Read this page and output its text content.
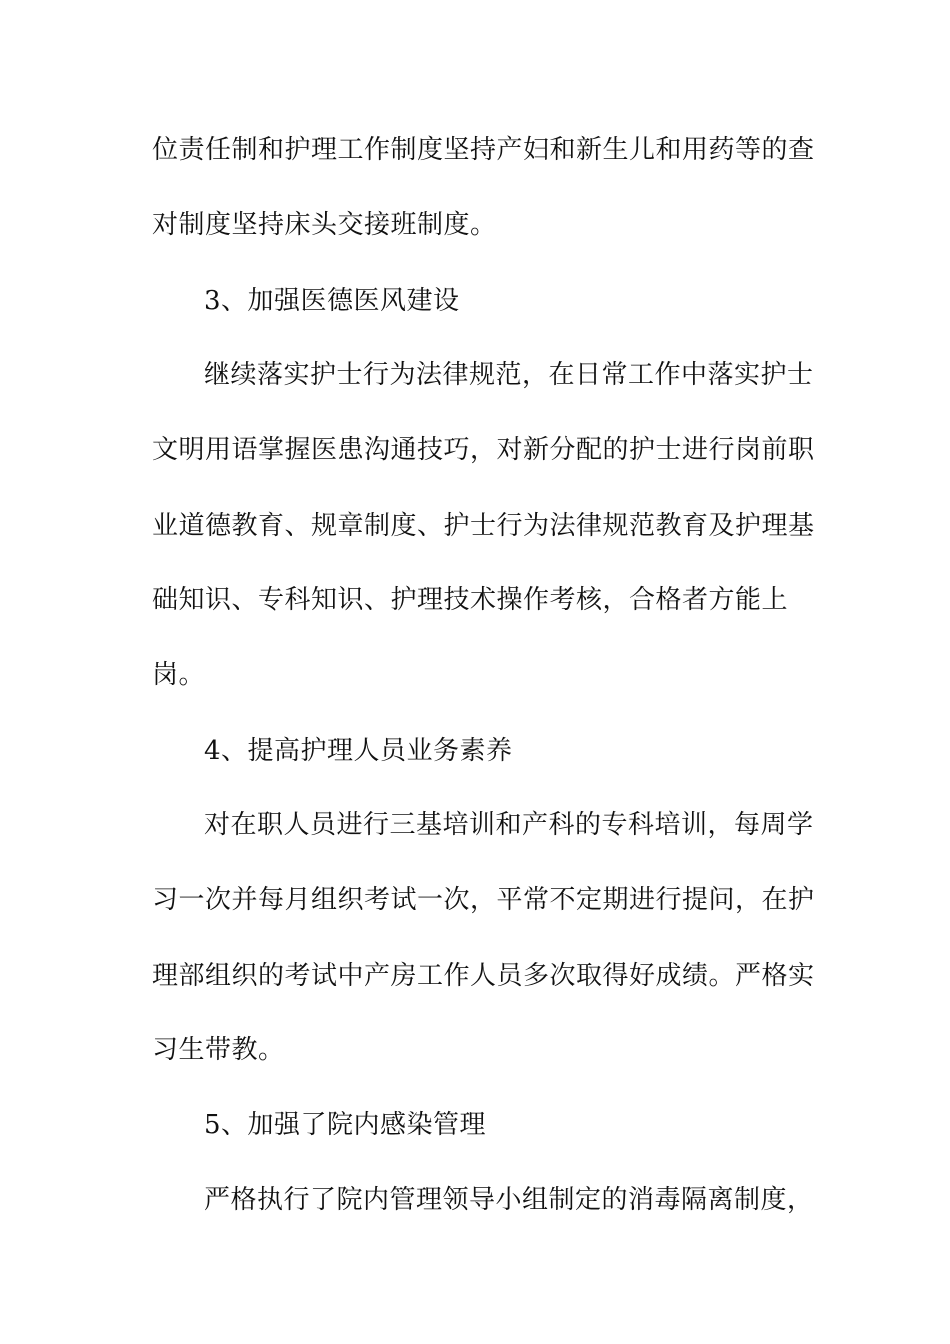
位责任制和护理工作制度坚持产妇和新生儿和用药等的查
对制度坚持床头交接班制度。
3、加强医德医风建设
继续落实护士行为法律规范，在日常工作中落实护士
文明用语掌握医患沟通技巧，对新分配的护士进行岗前职
业道德教育、规章制度、护士行为法律规范教育及护理基
础知识、专科知识、护理技术操作考核，合格者方能上
岗。
4、提高护理人员业务素养
对在职人员进行三基培训和产科的专科培训，每周学
习一次并每月组织考试一次，平常不定期进行提问，在护
理部组织的考试中产房工作人员多次取得好成绩。严格实
习生带教。
5、加强了院内感染管理
严格执行了院内管理领导小组制定的消毒隔离制度，
